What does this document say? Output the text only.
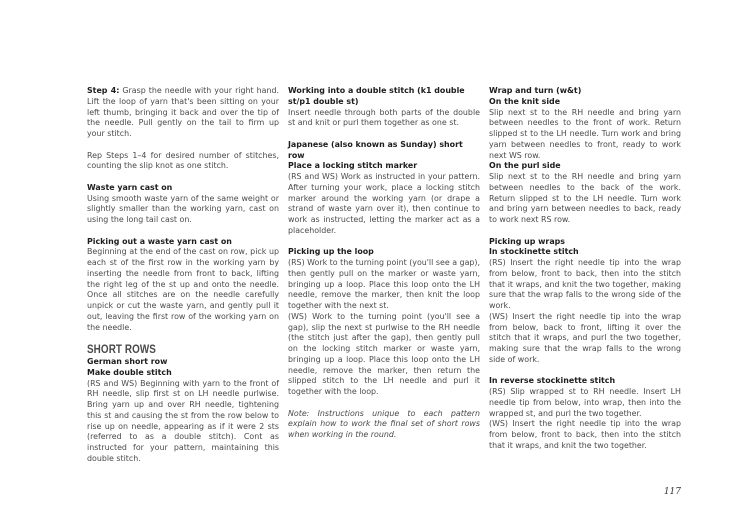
Step 4: Grasp the needle with your right hand. Lift the loop of yarn that's been sitting on your left thumb, bringing it back and over the tip of the needle. Pull gently on the tail to firm up your stitch.

Rep Steps 1–4 for desired number of stitches, counting the slip knot as one stitch.

Waste yarn cast on

Using smooth waste yarn of the same weight or slightly smaller than the working yarn, cast on using the long tail cast on.

Picking out a waste yarn cast on

Beginning at the end of the cast on row, pick up each st of the first row in the working yarn by inserting the needle from front to back, lifting the right leg of the st up and onto the needle. Once all stitches are on the needle carefully unpick or cut the waste yarn, and gently pull it out, leaving the first row of the working yarn on the needle.

SHORT ROWS
German short row
Make double stitch

(RS and WS) Beginning with yarn to the front of RH needle, slip first st on LH needle purlwise. Bring yarn up and over RH needle, tightening this st and causing the st from the row below to rise up on needle, appearing as if it were 2 sts (referred to as a double stitch). Cont as instructed for your pattern, maintaining this double stitch.

Working into a double stitch (k1 double st/p1 double st)

Insert needle through both parts of the double st and knit or purl them together as one st.

Japanese (also known as Sunday) short row
Place a locking stitch marker

(RS and WS) Work as instructed in your pattern. After turning your work, place a locking stitch marker around the working yarn (or drape a strand of waste yarn over it), then continue to work as instructed, letting the marker act as a placeholder.

Picking up the loop

(RS) Work to the turning point (you'll see a gap), then gently pull on the marker or waste yarn, bringing up a loop. Place this loop onto the LH needle, remove the marker, then knit the loop together with the next st.

(WS) Work to the turning point (you'll see a gap), slip the next st purlwise to the RH needle (the stitch just after the gap), then gently pull on the locking stitch marker or waste yarn, bringing up a loop. Place this loop onto the LH needle, remove the marker, then return the slipped stitch to the LH needle and purl it together with the loop.

Note: Instructions unique to each pattern explain how to work the final set of short rows when working in the round.

Wrap and turn (w&t)
On the knit side

Slip next st to the RH needle and bring yarn between needles to the front of work. Return slipped st to the LH needle. Turn work and bring yarn between needles to front, ready to work next WS row.

On the purl side

Slip next st to the RH needle and bring yarn between needles to the back of the work. Return slipped st to the LH needle. Turn work and bring yarn between needles to back, ready to work next RS row.

Picking up wraps
In stockinette stitch

(RS) Insert the right needle tip into the wrap from below, front to back, then into the stitch that it wraps, and knit the two together, making sure that the wrap falls to the wrong side of the work.

(WS) Insert the right needle tip into the wrap from below, back to front, lifting it over the stitch that it wraps, and purl the two together, making sure that the wrap falls to the wrong side of work.

In reverse stockinette stitch

(RS) Slip wrapped st to RH needle. Insert LH needle tip from below, into wrap, then into the wrapped st, and purl the two together.

(WS) Insert the right needle tip into the wrap from below, front to back, then into the stitch that it wraps, and knit the two together.

117
